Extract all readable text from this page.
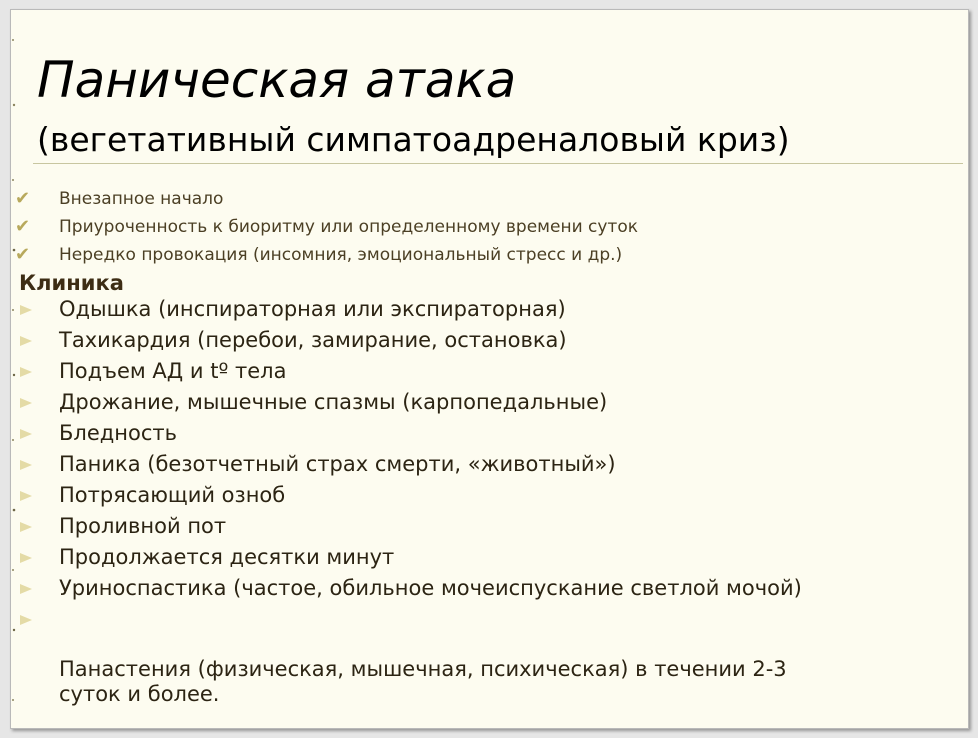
Паническая атака
(вегетативный симпатоадреналовый криз)
✔ Внезапное начало
✔ Приуроченность к биоритму или определенному времени суток
✔ Нередко провокация (инсомния, эмоциональный стресс и др.)
Клиника
Одышка (инспираторная или экспираторная)
Тахикардия (перебои, замирание, остановка)
Подъем АД и tº тела
Дрожание, мышечные спазмы (карпопедальные)
Бледность
Паника (безотчетный страх смерти, «животный»)
Потрясающий озноб
Проливной пот
Продолжается десятки минут
Уриноспастика (частое, обильное мочеиспускание светлой мочой)

Панастения (физическая, мышечная, психическая) в течении 2-3
суток и более.
